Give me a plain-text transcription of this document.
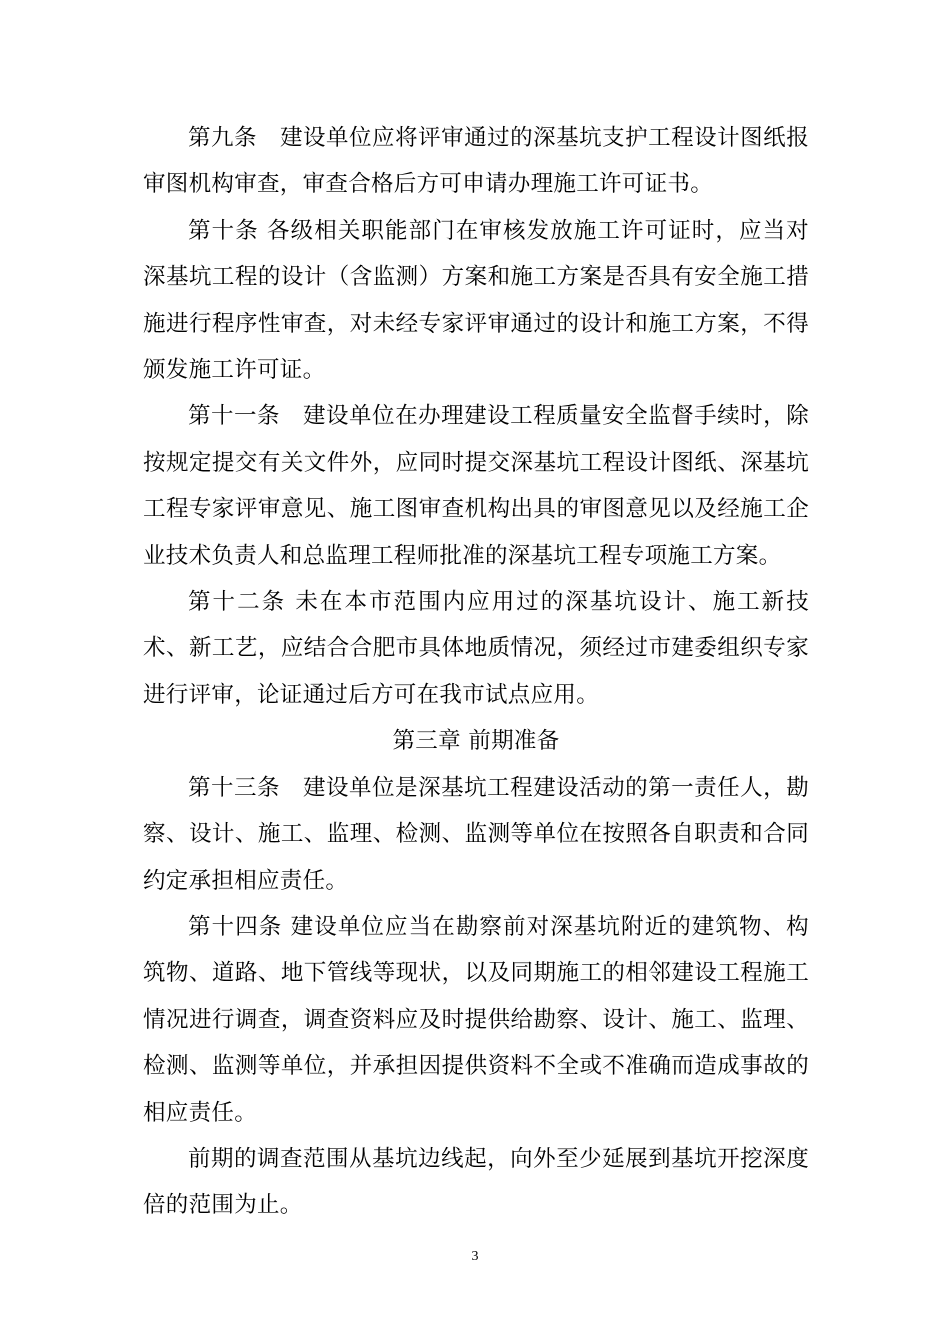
第九条　建设单位应将评审通过的深基坑支护工程设计图纸报审图机构审查，审查合格后方可申请办理施工许可证书。

第十条 各级相关职能部门在审核发放施工许可证时，应当对深基坑工程的设计（含监测）方案和施工方案是否具有安全施工措施进行程序性审查，对未经专家评审通过的设计和施工方案，不得颁发施工许可证。

第十一条　建设单位在办理建设工程质量安全监督手续时，除按规定提交有关文件外，应同时提交深基坑工程设计图纸、深基坑工程专家评审意见、施工图审查机构出具的审图意见以及经施工企业技术负责人和总监理工程师批准的深基坑工程专项施工方案。

第十二条 未在本市范围内应用过的深基坑设计、施工新技术、新工艺，应结合合肥市具体地质情况，须经过市建委组织专家进行评审，论证通过后方可在我市试点应用。

第三章 前期准备

第十三条　建设单位是深基坑工程建设活动的第一责任人，勘察、设计、施工、监理、检测、监测等单位在按照各自职责和合同约定承担相应责任。

第十四条 建设单位应当在勘察前对深基坑附近的建筑物、构筑物、道路、地下管线等现状，以及同期施工的相邻建设工程施工情况进行调查，调查资料应及时提供给勘察、设计、施工、监理、检测、监测等单位，并承担因提供资料不全或不准确而造成事故的相应责任。

前期的调查范围从基坑边线起，向外至少延展到基坑开挖深度倍的范围为止。

3
